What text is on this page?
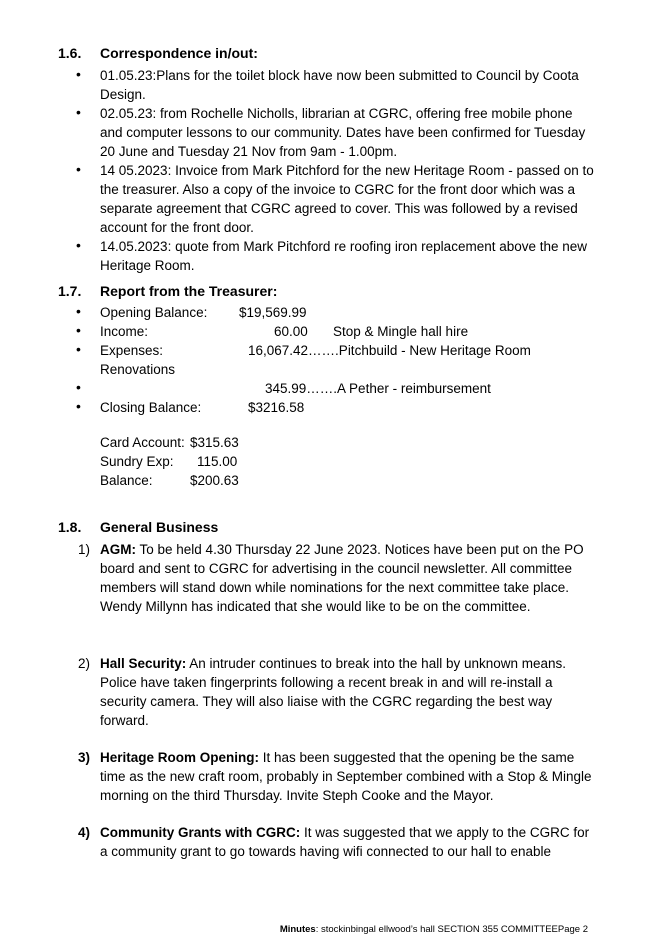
1.6. Correspondence in/out:
• 01.05.23:Plans for the toilet block have now been submitted to Council by Coota Design.
• 02.05.23: from Rochelle Nicholls, librarian at CGRC, offering free mobile phone and computer lessons to our community. Dates have been confirmed for Tuesday 20 June and Tuesday 21 Nov from 9am - 1.00pm.
• 14 05.2023: Invoice from Mark Pitchford for the new Heritage Room - passed on to the treasurer. Also a copy of the invoice to CGRC for the front door which was a separate agreement that CGRC agreed to cover. This was followed by a revised account for the front door.
• 14.05.2023: quote from Mark Pitchford re roofing iron replacement above the new Heritage Room.
1.7. Report from the Treasurer:
• Opening Balance: $19,569.99
• Income:	60.00 Stop & Mingle hall hire
• Expenses:	16,067.42…….Pitchbuild - New Heritage Room
Renovations
• 345.99…….A Pether - reimbursement
• Closing Balance:	$3216.58
Card Account: $315.63
Sundry Exp: 115.00
Balance:	$200.63
1.8. General Business
1) AGM: To be held 4.30 Thursday 22 June 2023. Notices have been put on the PO board and sent to CGRC for advertising in the council newsletter. All committee members will stand down while nominations for the next committee take place. Wendy Millynn has indicated that she would like to be on the committee.
2) Hall Security: An intruder continues to break into the hall by unknown means. Police have taken fingerprints following a recent break in and will re-install a security camera. They will also liaise with the CGRC regarding the best way forward.
3) Heritage Room Opening: It has been suggested that the opening be the same time as the new craft room, probably in September combined with a Stop & Mingle morning on the third Thursday. Invite Steph Cooke and the Mayor.
4) Community Grants with CGRC: It was suggested that we apply to the CGRC for a community grant to go towards having wifi connected to our hall to enable
Minutes: stockinbingal ellwood’s hall SECTION 355 COMMITTEEPage 2
